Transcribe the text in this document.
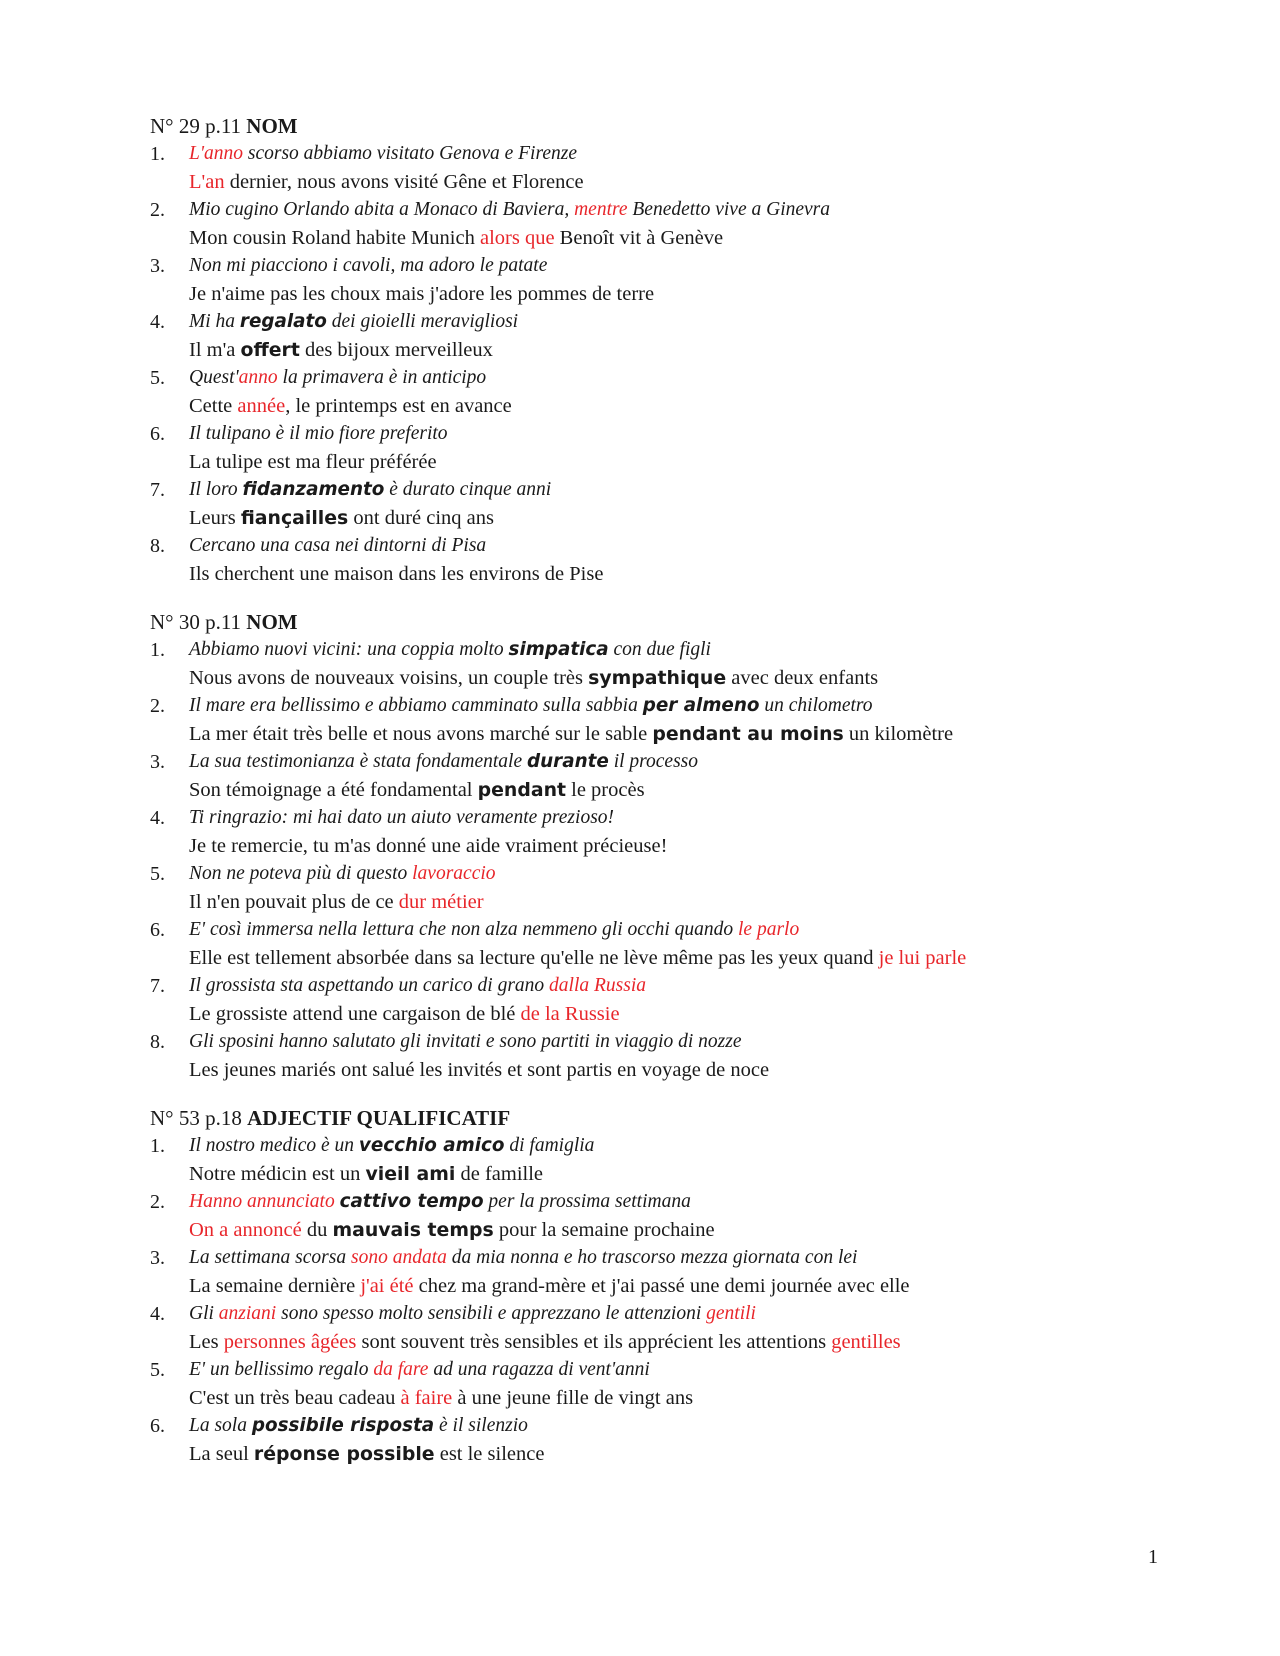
N° 29 p.11 NOM
1. L'anno scorso abbiamo visitato Genova e Firenze
L'an dernier, nous avons visité Gêne et Florence
2. Mio cugino Orlando abita a Monaco di Baviera, mentre Benedetto vive a Ginevra
Mon cousin Roland habite Munich alors que Benoît vit à Genève
3. Non mi piacciono i cavoli, ma adoro le patate
Je n'aime pas les choux mais j'adore les pommes de terre
4. Mi ha regalato dei gioielli meravigliosi
Il m'a offert des bijoux merveilleux
5. Quest'anno la primavera è in anticipo
Cette année, le printemps est en avance
6. Il tulipano è il mio fiore preferito
La tulipe est ma fleur préférée
7. Il loro fidanzamento è durato cinque anni
Leurs fiançailles ont duré cinq ans
8. Cercano una casa nei dintorni di Pisa
Ils cherchent une maison dans les environs de Pise
N° 30 p.11 NOM
1. Abbiamo nuovi vicini: una coppia molto simpatica con due figli
Nous avons de nouveaux voisins, un couple très sympathique avec deux enfants
2. Il mare era bellissimo e abbiamo camminato sulla sabbia per almeno un chilometro
La mer était très belle et nous avons marché sur le sable pendant au moins un kilomètre
3. La sua testimonianza è stata fondamentale durante il processo
Son témoignage a été fondamental pendant le procès
4. Ti ringrazio: mi hai dato un aiuto veramente prezioso!
Je te remercie, tu m'as donné une aide vraiment précieuse!
5. Non ne poteva più di questo lavoraccio
Il n'en pouvait plus de ce dur métier
6. E' così immersa nella lettura che non alza nemmeno gli occhi quando le parlo
Elle est tellement absorbée dans sa lecture qu'elle ne lève même pas les yeux quand je lui parle
7. Il grossista sta aspettando un carico di grano dalla Russia
Le grossiste attend une cargaison de blé de la Russie
8. Gli sposini hanno salutato gli invitati e sono partiti in viaggio di nozze
Les jeunes mariés ont salué les invités et sont partis en voyage de noce
N° 53 p.18 ADJECTIF QUALIFICATIF
1. Il nostro medico è un vecchio amico di famiglia
Notre médicin est un vieil ami de famille
2. Hanno annunciato cattivo tempo per la prossima settimana
On a annoncé du mauvais temps pour la semaine prochaine
3. La settimana scorsa sono andata da mia nonna e ho trascorso mezza giornata con lei
La semaine dernière j'ai été chez ma grand-mère et j'ai passé une demi journée avec elle
4. Gli anziani sono spesso molto sensibili e apprezzano le attenzioni gentili
Les personnes âgées sont souvent très sensibles et ils apprécient les attentions gentilles
5. E' un bellissimo regalo da fare ad una ragazza di vent'anni
C'est un très beau cadeau à faire à une jeune fille de vingt ans
6. La sola possibile risposta è il silenzio
La seul réponse possible est le silence
1
